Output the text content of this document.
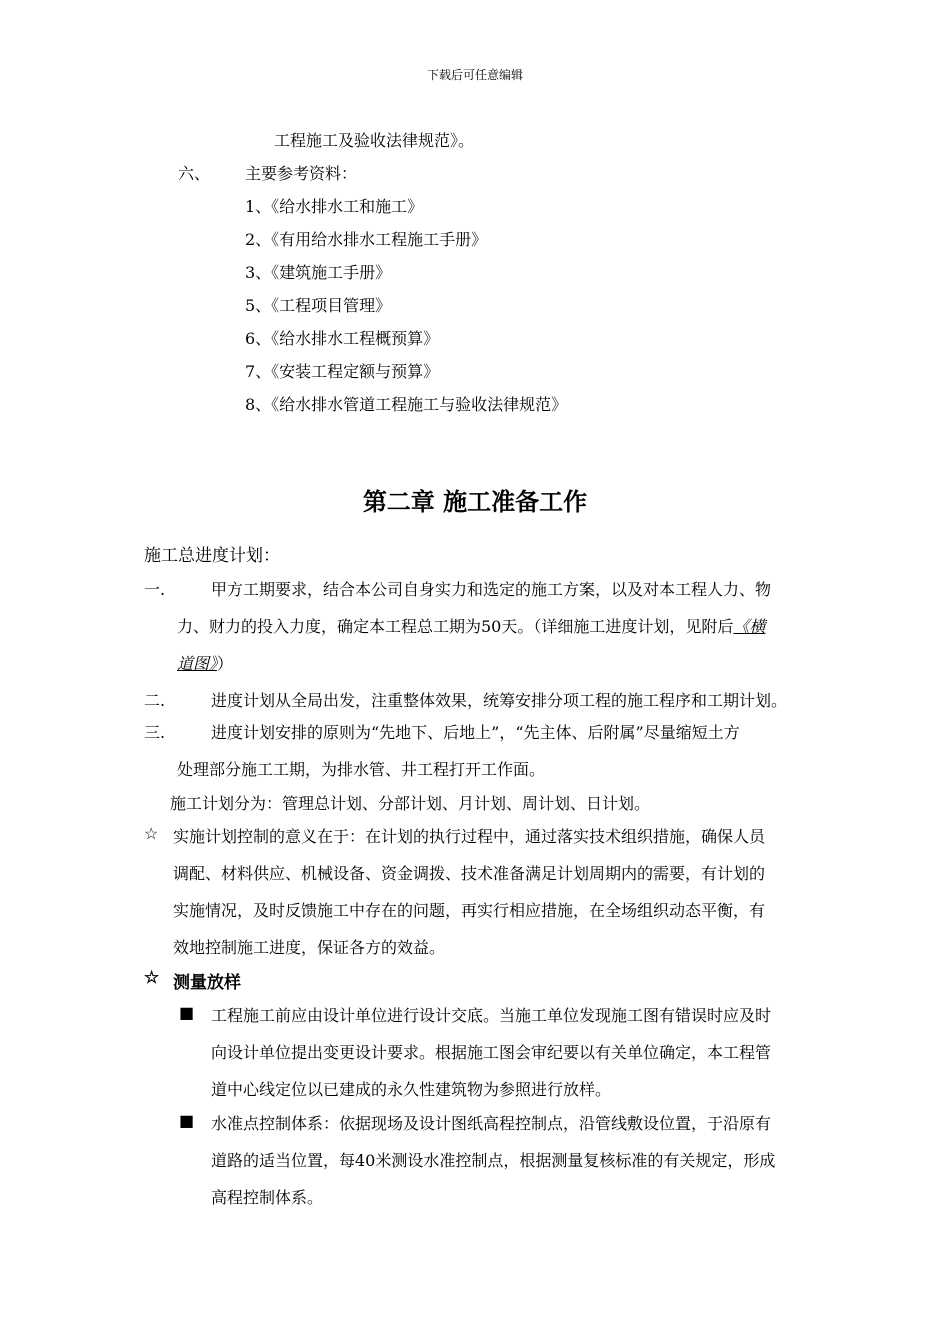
下载后可任意编辑
工程施工及验收法律规范》。
六、 主要参考资料：
1、《给水排水工和施工》
2、《有用给水排水工程施工手册》
3、《建筑施工手册》
5、《工程项目管理》
6、《给水排水工程概预算》
7、《安装工程定额与预算》
8、《给水排水管道工程施工与验收法律规范》
第二章 施工准备工作
施工总进度计划：
一.	甲方工期要求，结合本公司自身实力和选定的施工方案，以及对本工程人力、物
力、财力的投入力度，确定本工程总工期为50天。（详细施工进度计划，见附后《横
道图》）
二.	进度计划从全局出发，注重整体效果，统筹安排分项工程的施工程序和工期计划。
三.	进度计划安排的原则为“先地下、后地上”，“先主体、后附属”尽量缩短土方
处理部分施工工期，为排水管、井工程打开工作面。
施工计划分为：管理总计划、分部计划、月计划、周计划、日计划。
☆ 实施计划控制的意义在于：在计划的执行过程中，通过落实技术组织措施，确保人员
调配、材料供应、机械设备、资金调拨、技术准备满足计划周期内的需要，有计划的
实施情况，及时反馈施工中存在的问题，再实行相应措施，在全场组织动态平衡，有
效地控制施工进度，保证各方的效益。
☆ 测量放样
■ 工程施工前应由设计单位进行设计交底。当施工单位发现施工图有错误时应及时
向设计单位提出变更设计要求。根据施工图会审纪要以有关单位确定，本工程管
道中心线定位以已建成的永久性建筑物为参照进行放样。
■ 水准点控制体系：依据现场及设计图纸高程控制点，沿管线敷设位置，于沿原有
道路的适当位置，每40米测设水准控制点，根据测量复核标准的有关规定，形成
高程控制体系。
